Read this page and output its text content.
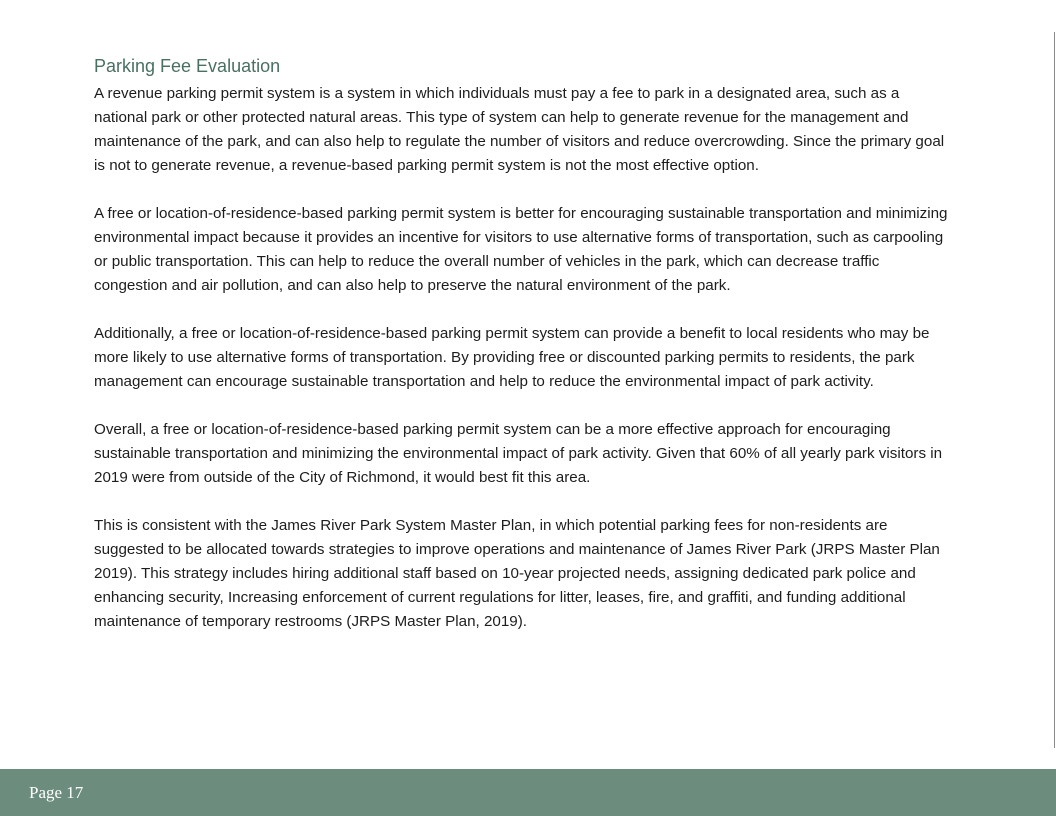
Parking Fee Evaluation

A revenue parking permit system is a system in which individuals must pay a fee to park in a designated area, such as a national park or other protected natural areas. This type of system can help to generate revenue for the management and maintenance of the park, and can also help to regulate the number of visitors and reduce overcrowding. Since the primary goal is not to generate revenue, a revenue-based parking permit system is not the most effective option.

A free or location-of-residence-based parking permit system is better for encouraging sustainable transportation and minimizing environmental impact because it provides an incentive for visitors to use alternative forms of transportation, such as carpooling or public transportation. This can help to reduce the overall number of vehicles in the park, which can decrease traffic congestion and air pollution, and can also help to preserve the natural environment of the park.

Additionally, a free or location-of-residence-based parking permit system can provide a benefit to local residents who may be more likely to use alternative forms of transportation. By providing free or discounted parking permits to residents, the park management can encourage sustainable transportation and help to reduce the environmental impact of park activity.

Overall, a free or location-of-residence-based parking permit system can be a more effective approach for encouraging sustainable transportation and minimizing the environmental impact of park activity. Given that 60% of all yearly park visitors in 2019 were from outside of the City of Richmond, it would best fit this area.

This is consistent with the James River Park System Master Plan, in which potential parking fees for non-residents are suggested to be allocated towards strategies to improve operations and maintenance of James River Park (JRPS Master Plan 2019). This strategy includes hiring additional staff based on 10-year projected needs, assigning dedicated park police and enhancing security, Increasing enforcement of current regulations for litter, leases, fire, and graffiti, and funding additional maintenance of temporary restrooms (JRPS Master Plan, 2019).

Page 17
